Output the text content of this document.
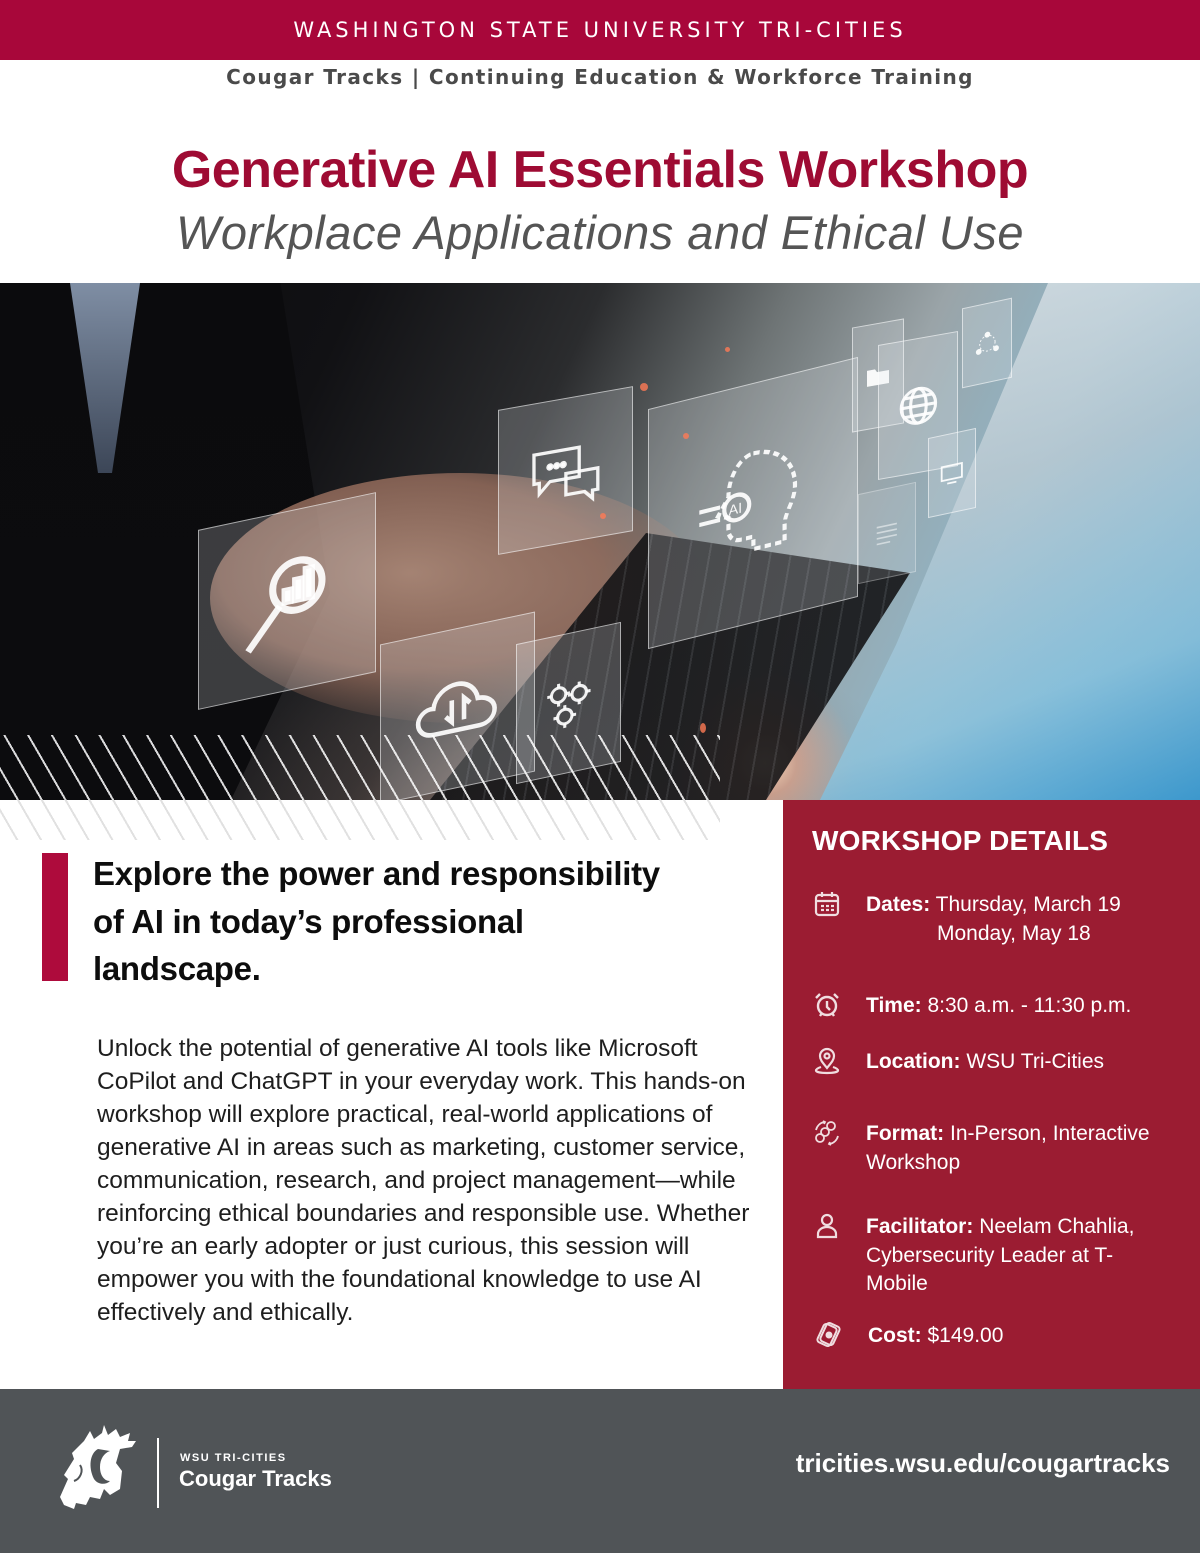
WASHINGTON STATE UNIVERSITY TRI-CITIES
Cougar Tracks | Continuing Education & Workforce Training
Generative AI Essentials Workshop
Workplace Applications and Ethical Use
AI
Explore the power and responsibility of AI in today’s professional landscape.

Unlock the potential of generative AI tools like Microsoft CoPilot and ChatGPT in your everyday work. This hands-on workshop will explore practical, real-world applications of generative AI in areas such as marketing, customer service, communication, research, and project management—while reinforcing ethical boundaries and responsible use. Whether you’re an early adopter or just curious, this session will empower you with the foundational knowledge to use AI effectively and ethically.

WORKSHOP DETAILS
Dates: Thursday, March 19
Monday, May 18
Time: 8:30 a.m. - 11:30 p.m.
Location: WSU Tri-Cities
Format: In-Person, Interactive Workshop
Facilitator: Neelam Chahlia, Cybersecurity Leader at T-Mobile
Cost: $149.00
WSU TRI-CITIES
Cougar Tracks
tricities.wsu.edu/cougartracks
